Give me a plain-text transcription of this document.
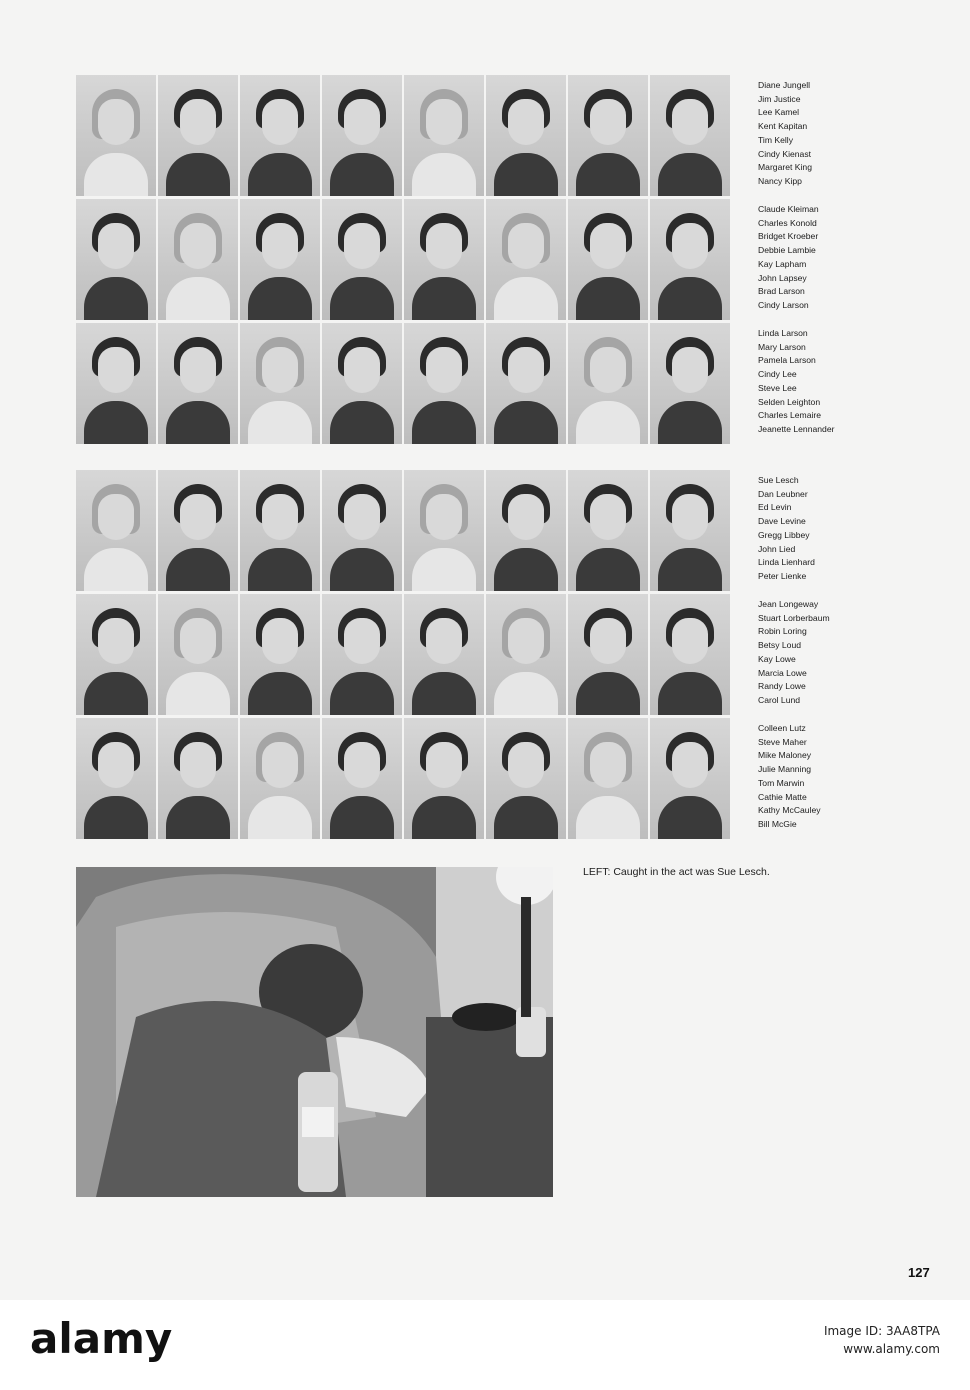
Diane Jungell
Jim Justice
Lee Kamel
Kent Kapitan
Tim Kelly
Cindy Kienast
Margaret King
Nancy Kipp
Claude Kleiman
Charles Konold
Bridget Kroeber
Debbie Lambie
Kay Lapham
John Lapsey
Brad Larson
Cindy Larson
Linda Larson
Mary Larson
Pamela Larson
Cindy Lee
Steve Lee
Selden Leighton
Charles Lemaire
Jeanette Lennander
Sue Lesch
Dan Leubner
Ed Levin
Dave Levine
Gregg Libbey
John Lied
Linda Lienhard
Peter Lienke
Jean Longeway
Stuart Lorberbaum
Robin Loring
Betsy Loud
Kay Lowe
Marcia Lowe
Randy Lowe
Carol Lund
Colleen Lutz
Steve Maher
Mike Maloney
Julie Manning
Tom Marwin
Cathie Matte
Kathy McCauley
Bill McGie

LEFT: Caught in the act was Sue Lesch.

127
alamy	Image ID: 3AA8TPA
www.alamy.com
